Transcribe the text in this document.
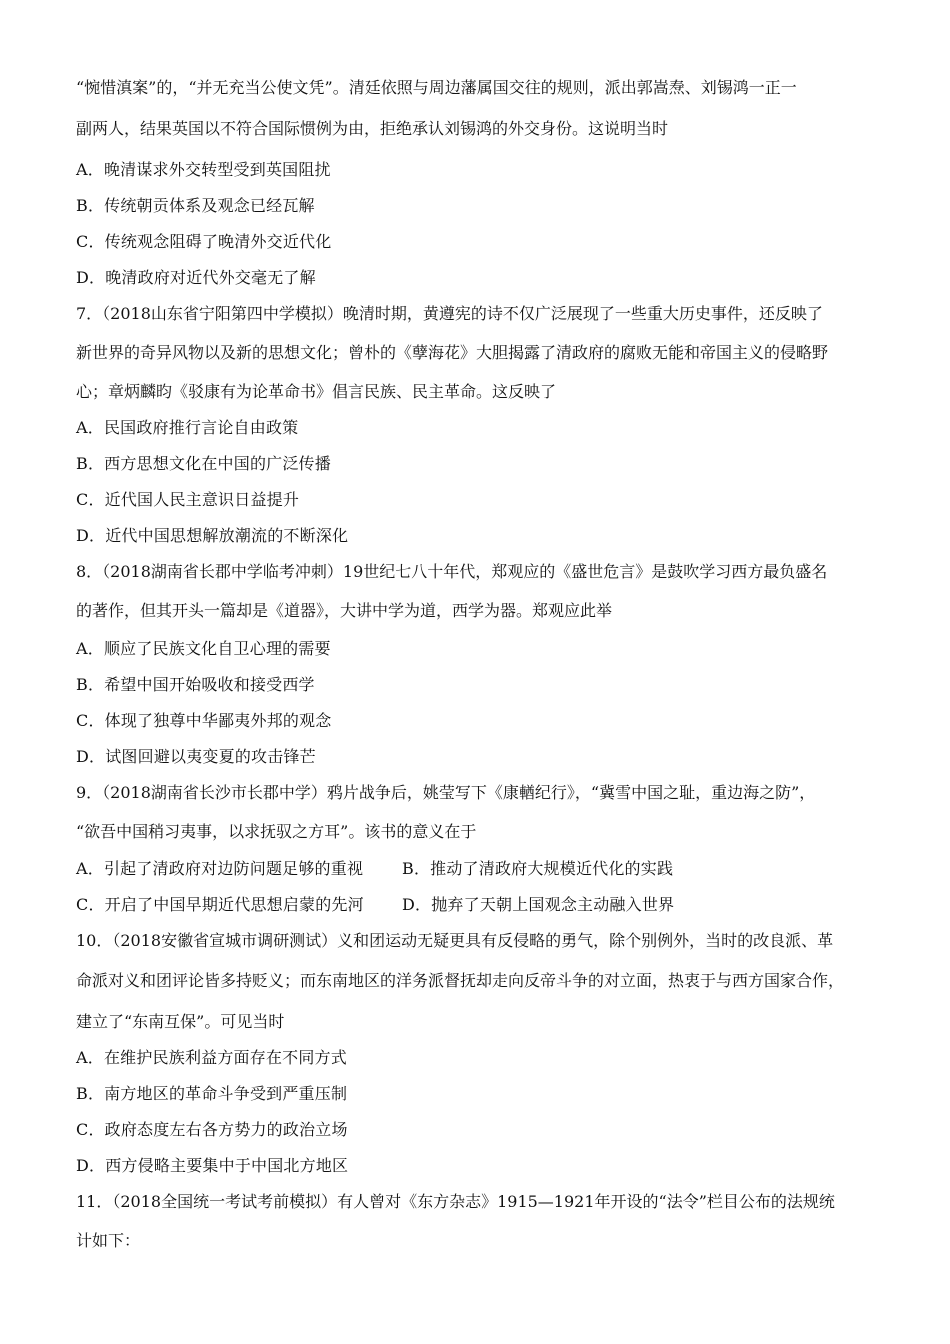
“惋惜滇案”的，“并无充当公使文凭”。清廷依照与周边藩属国交往的规则，派出郭嵩焘、刘锡鸿一正一
副两人，结果英国以不符合国际惯例为由，拒绝承认刘锡鸿的外交身份。这说明当时
A．晚清谋求外交转型受到英国阻扰
B．传统朝贡体系及观念已经瓦解
C．传统观念阻碍了晚清外交近代化
D．晚清政府对近代外交毫无了解
7．（2018山东省宁阳第四中学模拟）晚清时期，黄遵宪的诗不仅广泛展现了一些重大历史事件，还反映了
新世界的奇异风物以及新的思想文化；曾朴的《孽海花》大胆揭露了清政府的腐败无能和帝国主义的侵略野
心；章炳麟昀《驳康有为论革命书》倡言民族、民主革命。这反映了
A．民国政府推行言论自由政策
B．西方思想文化在中国的广泛传播
C．近代国人民主意识日益提升
D．近代中国思想解放潮流的不断深化
8．（2018湖南省长郡中学临考冲刺）19世纪七八十年代，郑观应的《盛世危言》是鼓吹学习西方最负盛名
的著作，但其开头一篇却是《道器》，大讲中学为道，西学为器。郑观应此举
A．顺应了民族文化自卫心理的需要
B．希望中国开始吸收和接受西学
C．体现了独尊中华鄙夷外邦的观念
D．试图回避以夷变夏的攻击锋芒
9．（2018湖南省长沙市长郡中学）鸦片战争后，姚莹写下《康輶纪行》，“冀雪中国之耻，重边海之防”，
“欲吾中国稍习夷事，以求抚驭之方耳”。该书的意义在于
A．引起了清政府对边防问题足够的重视 B．推动了清政府大规模近代化的实践
C．开启了中国早期近代思想启蒙的先河 D．抛弃了天朝上国观念主动融入世界
10．（2018安徽省宣城市调研测试）义和团运动无疑更具有反侵略的勇气，除个别例外，当时的改良派、革
命派对义和团评论皆多持贬义；而东南地区的洋务派督抚却走向反帝斗争的对立面，热衷于与西方国家合作，
建立了“东南互保”。可见当时
A．在维护民族利益方面存在不同方式
B．南方地区的革命斗争受到严重压制
C．政府态度左右各方势力的政治立场
D．西方侵略主要集中于中国北方地区
11．（2018全国统一考试考前模拟）有人曾对《东方杂志》1915—1921年开设的“法令”栏目公布的法规统
计如下：
